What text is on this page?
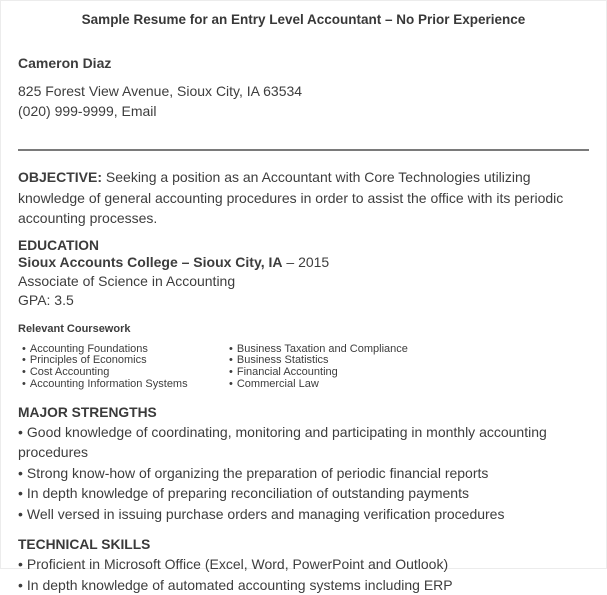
Sample Resume for an Entry Level Accountant – No Prior Experience
Cameron Diaz
825 Forest View Avenue, Sioux City, IA 63534
(020) 999-9999, Email
OBJECTIVE: Seeking a position as an Accountant with Core Technologies utilizing knowledge of general accounting procedures in order to assist the office with its periodic accounting processes.
EDUCATION
Sioux Accounts College – Sioux City, IA – 2015
Associate of Science in Accounting
GPA: 3.5
Relevant Coursework
• Accounting Foundations
• Principles of Economics
• Cost Accounting
• Accounting Information Systems
• Business Taxation and Compliance
• Business Statistics
• Financial Accounting
• Commercial Law
MAJOR STRENGTHS
• Good knowledge of coordinating, monitoring and participating in monthly accounting procedures
• Strong know-how of organizing the preparation of periodic financial reports
• In depth knowledge of preparing reconciliation of outstanding payments
• Well versed in issuing purchase orders and managing verification procedures
TECHNICAL SKILLS
• Proficient in Microsoft Office (Excel, Word, PowerPoint and Outlook)
• In depth knowledge of automated accounting systems including ERP
